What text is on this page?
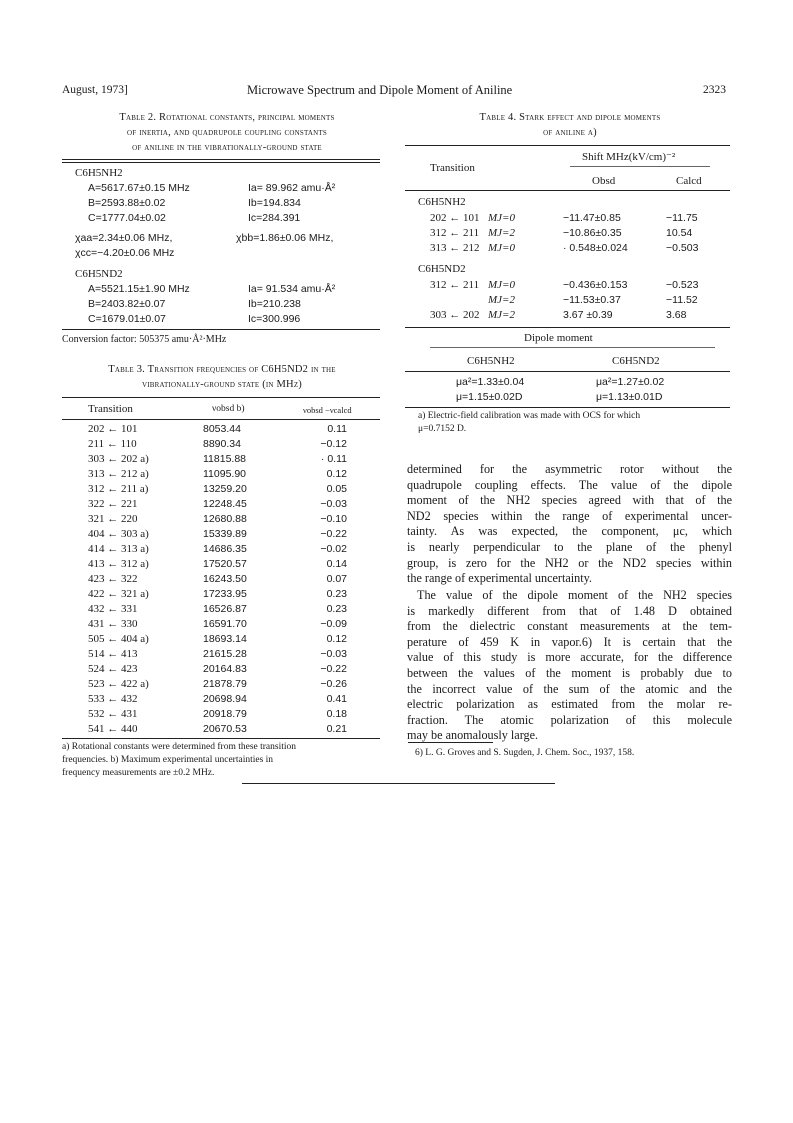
August, 1973]	Microwave Spectrum and Dipole Moment of Aniline	2323
Table 2. Rotational constants, principal moments
of inertia, and quadrupole coupling constants
of aniline in the vibrationally-ground state
C6H5NH2
A=5617.67±0.15 MHz	Ia= 89.962 amu·Å²
B=2593.88±0.02	Ib=194.834
C=1777.04±0.02	Ic=284.391
χaa=2.34±0.06 MHz,	χbb=1.86±0.06 MHz,
χcc=−4.20±0.06 MHz
C6H5ND2
A=5521.15±1.90 MHz	Ia= 91.534 amu·Å²
B=2403.82±0.07	Ib=210.238
C=1679.01±0.07	Ic=300.996
Conversion factor: 505375 amu·Å²·MHz
Table 3. Transition frequencies of C6H5ND2 in the
vibrationally-ground state (in MHz)
Transition	νobsd b)	νobsd −νcalcd
202 ← 101	8053.44	0.11
211 ← 110	8890.34	−0.12
303 ← 202 a)	11815.88	· 0.11
313 ← 212 a)	11095.90	0.12
312 ← 211 a)	13259.20	0.05
322 ← 221	12248.45	−0.03
321 ← 220	12680.88	−0.10
404 ← 303 a)	15339.89	−0.22
414 ← 313 a)	14686.35	−0.02
413 ← 312 a)	17520.57	0.14
423 ← 322	16243.50	0.07
422 ← 321 a)	17233.95	0.23
432 ← 331	16526.87	0.23
431 ← 330	16591.70	−0.09
505 ← 404 a)	18693.14	0.12
514 ← 413	21615.28	−0.03
524 ← 423	20164.83	−0.22
523 ← 422 a)	21878.79	−0.26
533 ← 432	20698.94	0.41
532 ← 431	20918.79	0.18
541 ← 440	20670.53	0.21
a) Rotational constants were determined from these transition
frequencies. b) Maximum experimental uncertainties in
frequency measurements are ±0.2 MHz.
Table 4. Stark effect and dipole moments
of aniline a)
Transition
Shift MHz(kV/cm)⁻²
Obsd	Calcd
C6H5NH2
202 ← 101 MJ=0	−11.47±0.85	−11.75
312 ← 211 MJ=2	−10.86±0.35	10.54
313 ← 212 MJ=0	· 0.548±0.024	−0.503
C6H5ND2
312 ← 211 MJ=0	−0.436±0.153	−0.523
MJ=2	−11.53±0.37	−11.52
303 ← 202 MJ=2	3.67 ±0.39	3.68
Dipole moment
C6H5NH2	C6H5ND2
μa²=1.33±0.04	μa²=1.27±0.02
μ=1.15±0.02D	μ=1.13±0.01D
a) Electric-field calibration was made with OCS for which
μ=0.7152 D.
determined for the asymmetric rotor without the
quadrupole coupling effects. The value of the dipole
moment of the NH2 species agreed with that of the
ND2 species within the range of experimental uncer-
tainty. As was expected, the component, μc, which
is nearly perpendicular to the plane of the phenyl
group, is zero for the NH2 or the ND2 species within
the range of experimental uncertainty.
The value of the dipole moment of the NH2 species
is markedly different from that of 1.48 D obtained
from the dielectric constant measurements at the tem-
perature of 459 K in vapor.6) It is certain that the
value of this study is more accurate, for the difference
between the values of the moment is probably due to
the incorrect value of the sum of the atomic and the
electric polarization as estimated from the molar re-
fraction. The atomic polarization of this molecule
may be anomalously large.
6) L. G. Groves and S. Sugden, J. Chem. Soc., 1937, 158.
